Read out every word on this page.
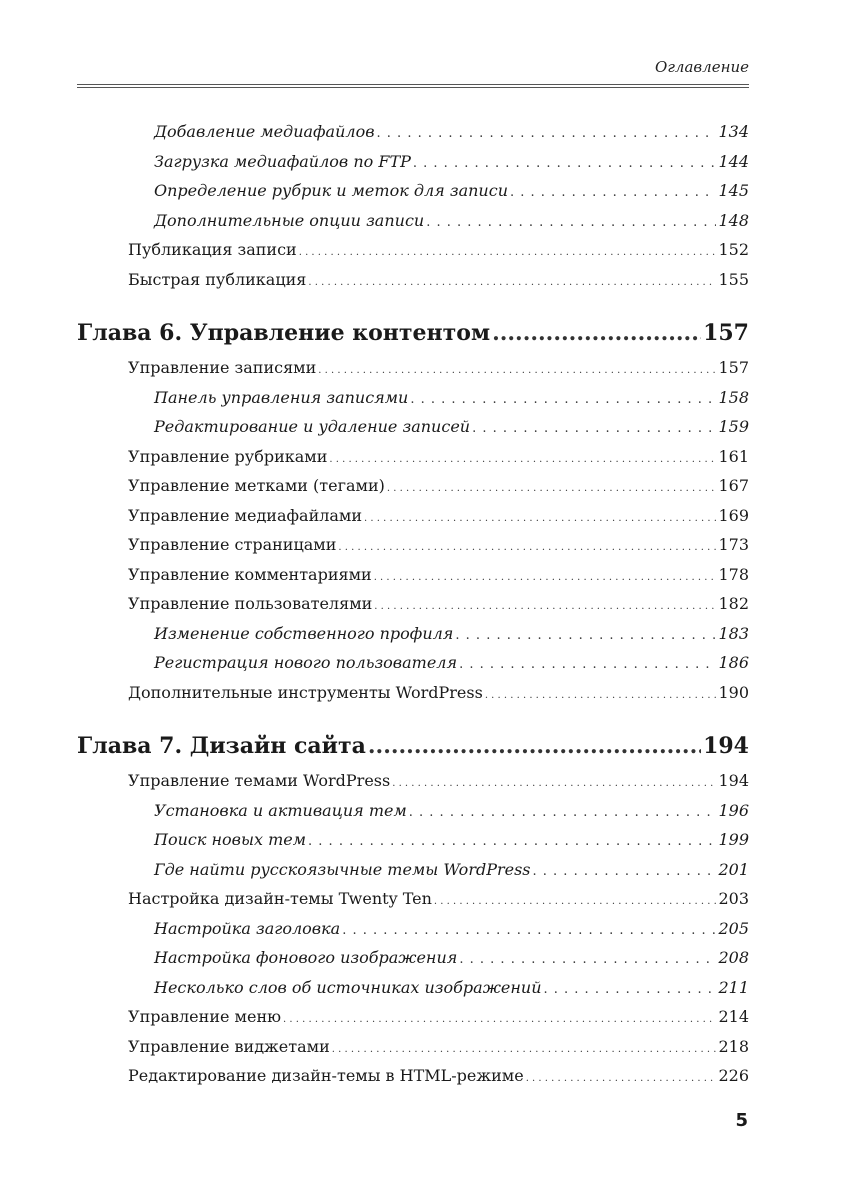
Оглавление
Добавление медиафайлов . . .	134
Загрузка медиафайлов по FTP . . .	144
Определение рубрик и меток для записи . . .	145
Дополнительные опции записи . . .	148
Публикация записи . . .	152
Быстрая публикация . . .	155
Глава 6. Управление контентом .....	157
Управление записями . . .	157
Панель управления записями . . .	158
Редактирование и удаление записей . . .	159
Управление рубриками . . .	161
Управление метками (тегами) . . .	167
Управление медиафайлами . . .	169
Управление страницами . . .	173
Управление комментариями . . .	178
Управление пользователями . . .	182
Изменение собственного профиля . . .	183
Регистрация нового пользователя . . .	186
Дополнительные инструменты WordPress . . .	190
Глава 7. Дизайн сайта .....	194
Управление темами WordPress . . .	194
Установка и активация тем . . .	196
Поиск новых тем . . .	199
Где найти русскоязычные темы WordPress . . .	201
Настройка дизайн-темы Twenty Ten . . .	203
Настройка заголовка . . .	205
Настройка фонового изображения . . .	208
Несколько слов об источниках изображений . . .	211
Управление меню . . .	214
Управление виджетами . . .	218
Редактирование дизайн-темы в HTML-режиме . . .	226
5
